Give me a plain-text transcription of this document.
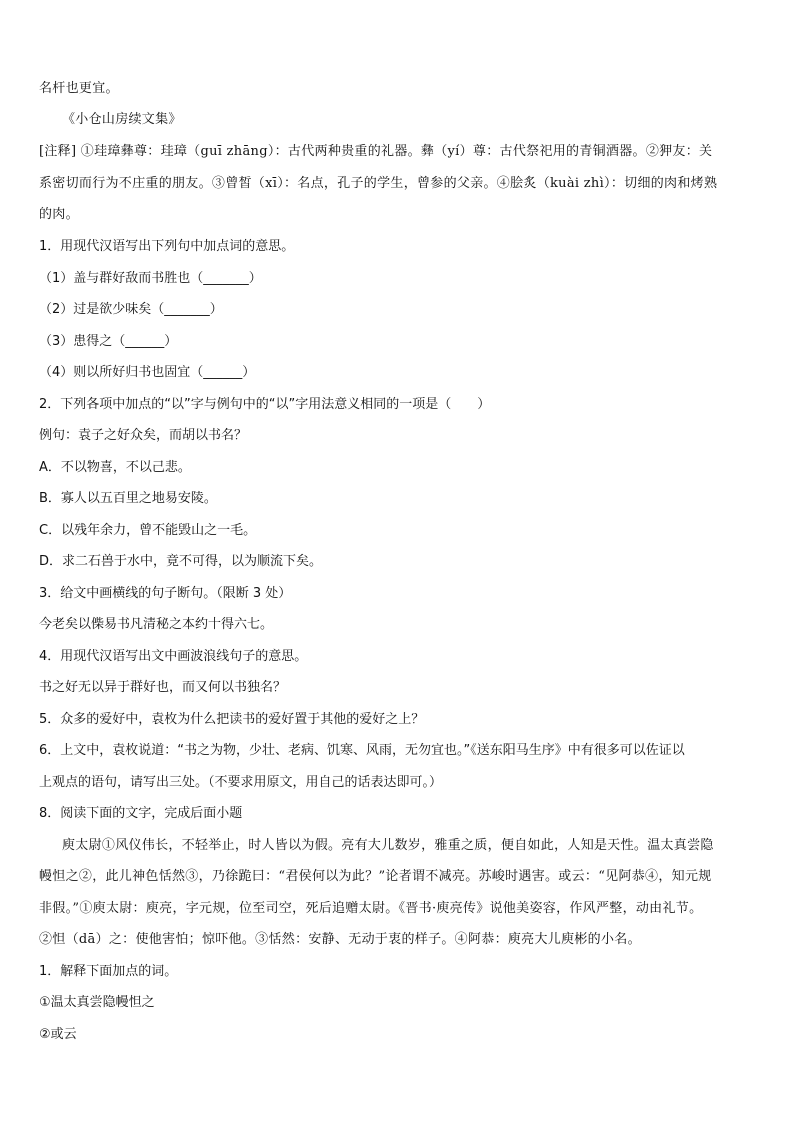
名杆也更宜。
《小仓山房续文集》
[注释] ①珪璋彝尊：珪璋（guī zhāng）：古代两种贵重的礼器。彝（yí）尊：古代祭祀用的青铜酒器。②狎友：关
系密切而行为不庄重的朋友。③曾皙（xī）：名点，孔子的学生，曾参的父亲。④脍炙（kuài zhì）：切细的肉和烤熟
的肉。
1．用现代汉语写出下列句中加点词的意思。
（1）盖与群好敌而书胜也（_______）
（2）过是欲少味矣（_______）
（3）患得之（______）
（4）则以所好归书也固宜（______）
2．下列各项中加点的“以”字与例句中的“以”字用法意义相同的一项是（　　）
例句：袁子之好众矣，而胡以书名？
A．不以物喜，不以己悲。
B．寡人以五百里之地易安陵。
C．以残年余力，曾不能毁山之一毛。
D．求二石兽于水中，竟不可得，以为顺流下矣。
3．给文中画横线的句子断句。（限断 3 处）
今老矣以偨易书凡清秘之本约十得六七。
4．用现代汉语写出文中画波浪线句子的意思。
书之好无以异于群好也，而又何以书独名？
5．众多的爱好中，袁枚为什么把读书的爱好置于其他的爱好之上？
6．上文中，袁枚说道：“书之为物，少壮、老病、饥寒、风雨，无勿宜也。”《送东阳马生序》中有很多可以佐证以
上观点的语句，请写出三处。（不要求用原文，用自己的话表达即可。）
8．阅读下面的文字，完成后面小题
庾太尉①风仪伟长，不轻举止，时人皆以为假。亮有大儿数岁，雅重之质，便自如此，人知是天性。温太真尝隐
幔怛之②，此儿神色恬然③，乃徐跪曰：“君侯何以为此？”论者谓不减亮。苏峻时遇害。或云：“见阿恭④，知元规
非假。”①庾太尉：庾亮，字元规，位至司空，死后追赠太尉。《晋书·庾亮传》说他美姿容，作风严整，动由礼节。
②怛（dā）之：使他害怕；惊吓他。③恬然：安静、无动于衷的样子。④阿恭：庾亮大儿庾彬的小名。
1．解释下面加点的词。
①温太真尝隐幔怛之
②或云
